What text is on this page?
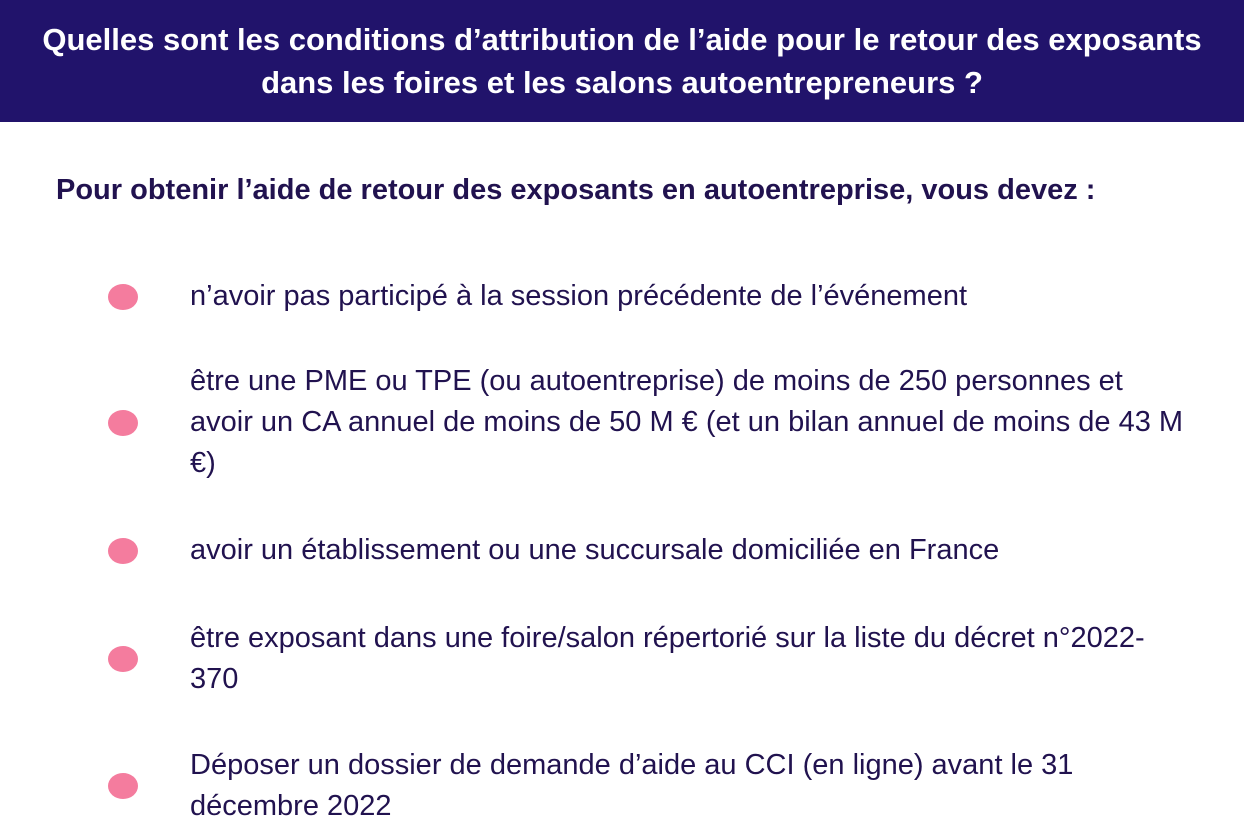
Quelles sont les conditions d’attribution de l’aide pour le retour des exposants dans les foires et les salons autoentrepreneurs ?

Pour obtenir l’aide de retour des exposants en autoentreprise, vous devez :

n’avoir pas participé à la session précédente de l’événement
être une PME ou TPE (ou autoentreprise) de moins de 250 personnes et avoir un CA annuel de moins de 50 M € (et un bilan annuel de moins de 43 M €)
avoir un établissement ou une succursale domiciliée en France
être exposant dans une foire/salon répertorié sur la liste du décret n°2022-370
Déposer un dossier de demande d’aide au CCI (en ligne) avant le 31 décembre 2022
